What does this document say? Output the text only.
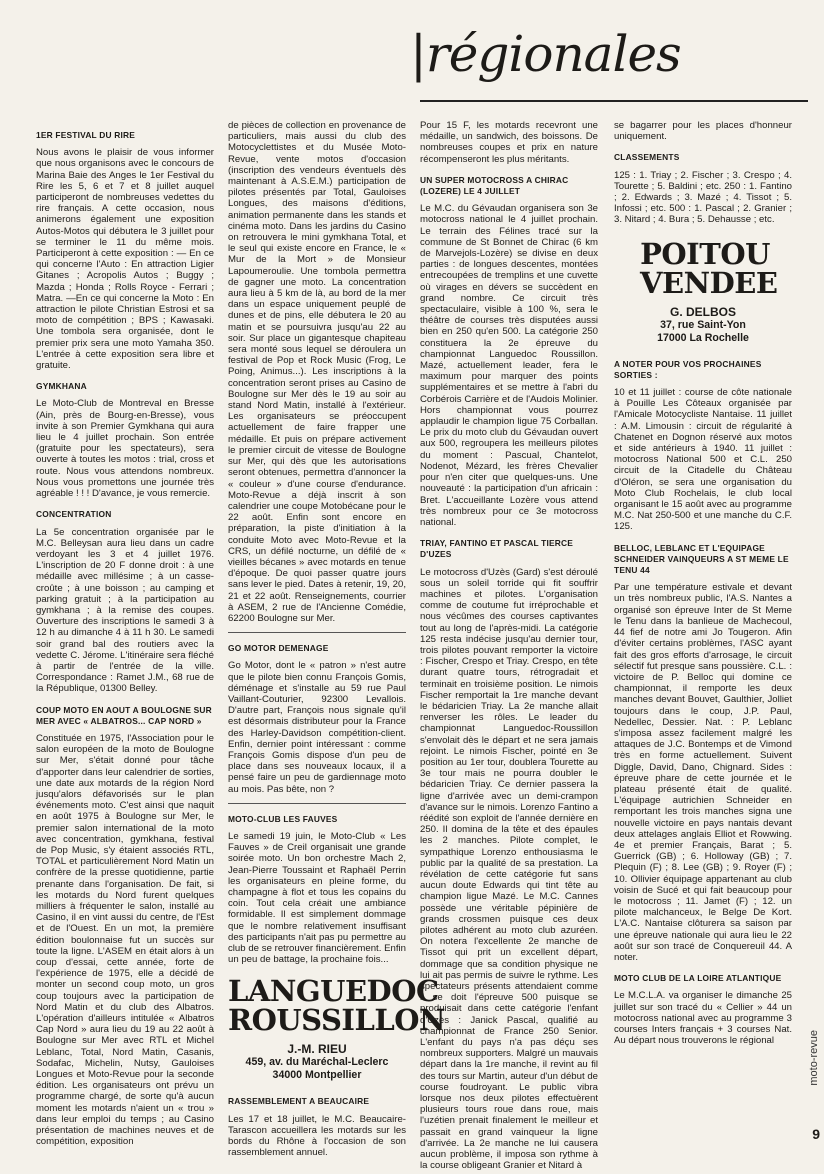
|régionales
1ER FESTIVAL DU RIRE

Nous avons le plaisir de vous informer que nous organisons avec le concours de Marina Baie des Anges le 1er Festival du Rire les 5, 6 et 7 et 8 juillet auquel participeront de nombreuses vedettes du rire français. A cette occasion, nous animerons également une exposition Autos-Motos qui débutera le 3 juillet pour se terminer le 11 du même mois. Participeront à cette exposition : — En ce qui concerne l'Auto : En attraction Ligier Gitanes ; Acropolis Autos ; Buggy ; Mazda ; Honda ; Rolls Royce - Ferrari ; Matra. —En ce qui concerne la Moto : En attraction le pilote Christian Estrosi et sa moto de compétition ; BPS ; Kawasaki. Une tombola sera organisée, dont le premier prix sera une moto Yamaha 350. L'entrée à cette exposition sera libre et gratuite.

GYMKHANA

Le Moto-Club de Montreval en Bresse (Ain, près de Bourg-en-Bresse), vous invite à son Premier Gymkhana qui aura lieu le 4 juillet prochain. Son entrée (gratuite pour les spectateurs), sera ouverte à toutes les motos : trial, cross et route. Nous vous attendons nombreux. Nous vous promettons une journée très agréable ! ! ! D'avance, je vous remercie.

CONCENTRATION

La 5e concentration organisée par le M.C. Belleysan aura lieu dans un cadre verdoyant les 3 et 4 juillet 1976. L'inscription de 20 F donne droit : à une médaille avec millésime ; à un casse-croûte ; à une boisson ; au camping et parking gratuit ; à la participation au gymkhana ; à la remise des coupes. Ouverture des inscriptions le samedi 3 à 12 h au dimanche 4 à 11 h 30. Le samedi soir grand bal des routiers avec la vedette C. Jérome. L'itinéraire sera fléché à partir de l'entrée de la ville. Correspondance : Ramet J.M., 68 rue de la République, 01300 Belley.

COUP MOTO EN AOUT A BOULOGNE SUR MER AVEC « ALBATROS... CAP NORD »

Constituée en 1975, l'Association pour le salon européen de la moto de Boulogne sur Mer, s'était donné pour tâche d'apporter dans leur calendrier de sorties, une date aux motards de la région Nord jusqu'alors défavorisés sur le plan événements moto. C'est ainsi que naquit en août 1975 à Boulogne sur Mer, le premier salon international de la moto avec concentration, gymkhana, festival de Pop Music, s'y étaient associés RTL, TOTAL et particulièrement Nord Matin un confrère de la presse quotidienne, partie prenante dans l'organisation. De fait, si les motards du Nord furent quelques milliers à fréquenter le salon, installé au Casino, il en vint aussi du centre, de l'Est et de l'Ouest. En un mot, la première édition boulonnaise fut un succès sur toute la ligne. L'ASEM en était alors à un coup d'essai, cette année, forte de l'expérience de 1975, elle a décidé de monter un second coup moto, un gros coup toujours avec la participation de Nord Matin et du club des Albatros. L'opération d'ailleurs intitulée « Albatros Cap Nord » aura lieu du 19 au 22 août à Boulogne sur Mer avec RTL et Michel Leblanc, Total, Nord Matin, Casanis, Sodafac, Michelin, Nutsy, Gauloises Longues et Moto-Revue pour la seconde édition. Les organisateurs ont prévu un programme chargé, de sorte qu'à aucun moment les motards n'aient un « trou » dans leur emploi du temps ; au Casino présentation de machines neuves et de compétition, exposition

de pièces de collection en provenance de particuliers, mais aussi du club des Motocyclettistes et du Musée Moto-Revue, vente motos d'occasion (inscription des vendeurs éventuels dès maintenant à A.S.E.M.) participation de pilotes présentés par Total, Gauloises Longues, des maisons d'éditions, animation permanente dans les stands et cinéma moto. Dans les jardins du Casino on retrouvera le mini gymkhana Total, et le seul qui existe encore en France, le « Mur de la Mort » de Monsieur Lapoumeroulie. Une tombola permettra de gagner une moto. La concentration aura lieu à 5 km de là, au bord de la mer dans un espace uniquement peuplé de dunes et de pins, elle débutera le 20 au matin et se poursuivra jusqu'au 22 au soir. Sur place un gigantesque chapiteau sera monté sous lequel se déroulera un festival de Pop et Rock Music (Frog, Le Poing, Animus...). Les inscriptions à la concentration seront prises au Casino de Boulogne sur Mer dès le 19 au soir au stand Nord Matin, installé à l'extérieur. Les organisateurs se préoccupent actuellement de faire frapper une médaille. Et puis on prépare activement le premier circuit de vitesse de Boulogne sur Mer, qui dès que les autorisations seront obtenues, permettra d'annoncer la « couleur » d'une course d'endurance. Moto-Revue a déjà inscrit à son calendrier une coupe Motobécane pour le 22 août. Enfin sont encore en préparation, la piste d'initiation à la conduite Moto avec Moto-Revue et la CRS, un défilé nocturne, un défilé de « vieilles bécanes » avec motards en tenue d'époque. De quoi passer quatre jours sans lever le pied. Dates à retenir, 19, 20, 21 et 22 août. Renseignements, courrier à ASEM, 2 rue de l'Ancienne Comédie, 62200 Boulogne sur Mer.

GO MOTOR DEMENAGE

Go Motor, dont le « patron » n'est autre que le pilote bien connu François Gomis, déménage et s'installe au 59 rue Paul Vaillant-Couturier, 92300 Levallois. D'autre part, François nous signale qu'il est désormais distributeur pour la France des Harley-Davidson compétition-client. Enfin, dernier point intéressant : comme François Gomis dispose d'un peu de place dans ses nouveaux locaux, il a pensé faire un peu de gardiennage moto au mois. Pas bête, non ?

MOTO-CLUB LES FAUVES

Le samedi 19 juin, le Moto-Club « Les Fauves » de Creil organisait une grande soirée moto. Un bon orchestre Mach 2, Jean-Pierre Toussaint et Raphaël Perrin les organisateurs en pleine forme, du champagne à flot et tous les copains du coin. Tout cela créait une ambiance formidable. Il est simplement dommage que le nombre relativement insuffisant des participants n'ait pas pu permettre au club de se retrouver financièrement. Enfin un peu de battage, la prochaine fois...

LANGUEDOC ROUSSILLON
J.-M. RIEU
459, av. du Maréchal-Leclerc
34000 Montpellier
RASSEMBLEMENT A BEAUCAIRE

Les 17 et 18 juillet, le M.C. Beaucaire-Tarascon accueillera les motards sur les bords du Rhône à l'occasion de son rassemblement annuel.

Pour 15 F, les motards recevront une médaille, un sandwich, des boissons. De nombreuses coupes et prix en nature récompenseront les plus méritants.

UN SUPER MOTOCROSS A CHIRAC (LOZERE) LE 4 JUILLET

Le M.C. du Gévaudan organisera son 3e motocross national le 4 juillet prochain. Le terrain des Félines tracé sur la commune de St Bonnet de Chirac (6 km de Marvejols-Lozère) se divise en deux parties : de longues descentes, montées entrecoupées de tremplins et une cuvette où virages en dévers se succèdent en grand nombre. Ce circuit très spectaculaire, visible à 100 %, sera le théâtre de courses très disputées aussi bien en 250 qu'en 500. La catégorie 250 constituera la 2e épreuve du championnat Languedoc Roussillon. Mazé, actuellement leader, fera le maximum pour marquer des points supplémentaires et se mettre à l'abri du Corbérois Carrière et de l'Audois Molinier. Hors championnat vous pourrez applaudir le champion ligue 75 Corballan. Le prix du moto club du Gévaudan ouvert aux 500, regroupera les meilleurs pilotes du moment : Pascual, Chantelot, Nodenot, Mézard, les frères Chevalier pour n'en citer que quelques-uns. Une nouveauté : la participation d'un africain : Bret. L'accueillante Lozère vous attend très nombreux pour ce 3e motocross national.

TRIAY, FANTINO ET PASCAL TIERCE D'UZES

Le motocross d'Uzès (Gard) s'est déroulé sous un soleil torride qui fit souffrir machines et pilotes. L'organisation comme de coutume fut irréprochable et nous vécûmes des courses captivantes tout au long de l'après-midi. La catégorie 125 resta indécise jusqu'au dernier tour, trois pilotes pouvant remporter la victoire : Fischer, Crespo et Triay. Crespo, en tête durant quatre tours, rétrogradait et terminait en troisième position. Le nimois Fischer remportait la 1re manche devant le bédaricien Triay. La 2e manche allait renverser les rôles. Le leader du championnat Languedoc-Roussillon s'envolait dès le départ et ne sera jamais rejoint. Le nimois Fischer, pointé en 3e position au 1er tour, doublera Tourette au 3e tour mais ne pourra doubler le bédaricien Triay. Ce dernier passera la ligne d'arrivée avec un demi-crampon d'avance sur le nimois. Lorenzo Fantino a réédité son exploit de l'année dernière en 250. Il domina de la tête et des épaules les 2 manches. Pilote complet, le sympathique Lorenzo enthousiasma le public par la qualité de sa prestation. La révélation de cette catégorie fut sans aucun doute Edwards qui tint tête au champion ligue Mazé. Le M.C. Cannes possède une véritable pépinière de grands crossmen puisque ces deux pilotes adhérent au moto club azuréen. On notera l'excellente 2e manche de Tissot qui prit un excellent départ, dommage que sa condition physique ne lui ait pas permis de suivre le rythme. Les spectateurs présents attendaient comme il se doit l'épreuve 500 puisque se produisait dans cette catégorie l'enfant d'Uzès : Janick Pascal, qualifié au championnat de France 250 Senior. L'enfant du pays n'a pas déçu ses nombreux supporters. Malgré un mauvais départ dans la 1re manche, il revint au fil des tours sur Martin, auteur d'un début de course foudroyant. Le public vibra lorsque nos deux pilotes effectuèrent plusieurs tours roue dans roue, mais l'uzétien prenait finalement le meilleur et passait en grand vainqueur la ligne d'arrivée. La 2e manche ne lui causera aucun problème, il imposa son rythme à la course obligeant Granier et Nitard à

se bagarrer pour les places d'honneur uniquement.

CLASSEMENTS

125 : 1. Triay ; 2. Fischer ; 3. Crespo ; 4. Tourette ; 5. Baldini ; etc. 250 : 1. Fantino ; 2. Edwards ; 3. Mazé ; 4. Tissot ; 5. Infossi ; etc. 500 : 1. Pascal ; 2. Granier ; 3. Nitard ; 4. Bura ; 5. Dehausse ; etc.

POITOU VENDEE
G. DELBOS
37, rue Saint-Yon
17000 La Rochelle
A NOTER POUR VOS PROCHAINES SORTIES :

10 et 11 juillet : course de côte nationale à Pouille Les Côteaux organisée par l'Amicale Motocycliste Nantaise. 11 juillet : A.M. Limousin : circuit de régularité à Chatenet en Dognon réservé aux motos et side antérieurs à 1940. 11 juillet : motocross National 500 et C.L. 250 circuit de la Citadelle du Château d'Oléron, se sera une organisation du Moto Club Rochelais, le club local organisant le 15 août avec au programme M.C. Nat 250-500 et une manche du C.F. 125.

BELLOC, LEBLANC ET L'EQUIPAGE SCHNEIDER VAINQUEURS A ST MEME LE TENU 44

Par une température estivale et devant un très nombreux public, l'A.S. Nantes a organisé son épreuve Inter de St Meme le Tenu dans la banlieue de Machecoul, 44 fief de notre ami Jo Tougeron. Afin d'éviter certains problèmes, l'ASC ayant fait des gros efforts d'arrosage, le circuit sélectif fut presque sans poussière. C.L. : victoire de P. Belloc qui domine ce championnat, il remporte les deux manches devant Bouvet, Gaulthier, Jolliet toujours dans le coup, J.P. Paul, Nedellec, Dessier. Nat. : P. Leblanc s'imposa assez facilement malgré les attaques de J.C. Bontemps et de Vimond très en forme actuellement. Suivent Diggle, David, Dano, Chignard. Sides : épreuve phare de cette journée et le plateau présenté était de qualité. L'équipage autrichien Schneider en remportant les trois manches signa une nouvelle victoire en pays nantais devant deux attelages anglais Elliot et Rowwing. 4e et premier Français, Barat ; 5. Guerrick (GB) ; 6. Holloway (GB) ; 7. Plequin (F) ; 8. Lee (GB) ; 9. Royer (F) ; 10. Ollivier équipage appartenant au club voisin de Sucé et qui fait beaucoup pour le motocross ; 11. Jamet (F) ; 12. un pilote malchanceux, le Belge De Kort. L'A.C. Nantaise clôturera sa saison par une épreuve nationale qui aura lieu le 22 août sur son tracé de Conquereuil 44. A noter.

MOTO CLUB DE LA LOIRE ATLANTIQUE

Le M.C.L.A. va organiser le dimanche 25 juillet sur son tracé du « Cellier » 44 un motocross national avec au programme 3 courses Inters français + 3 courses Nat. Au départ nous trouverons le régional	moto-revue
9
